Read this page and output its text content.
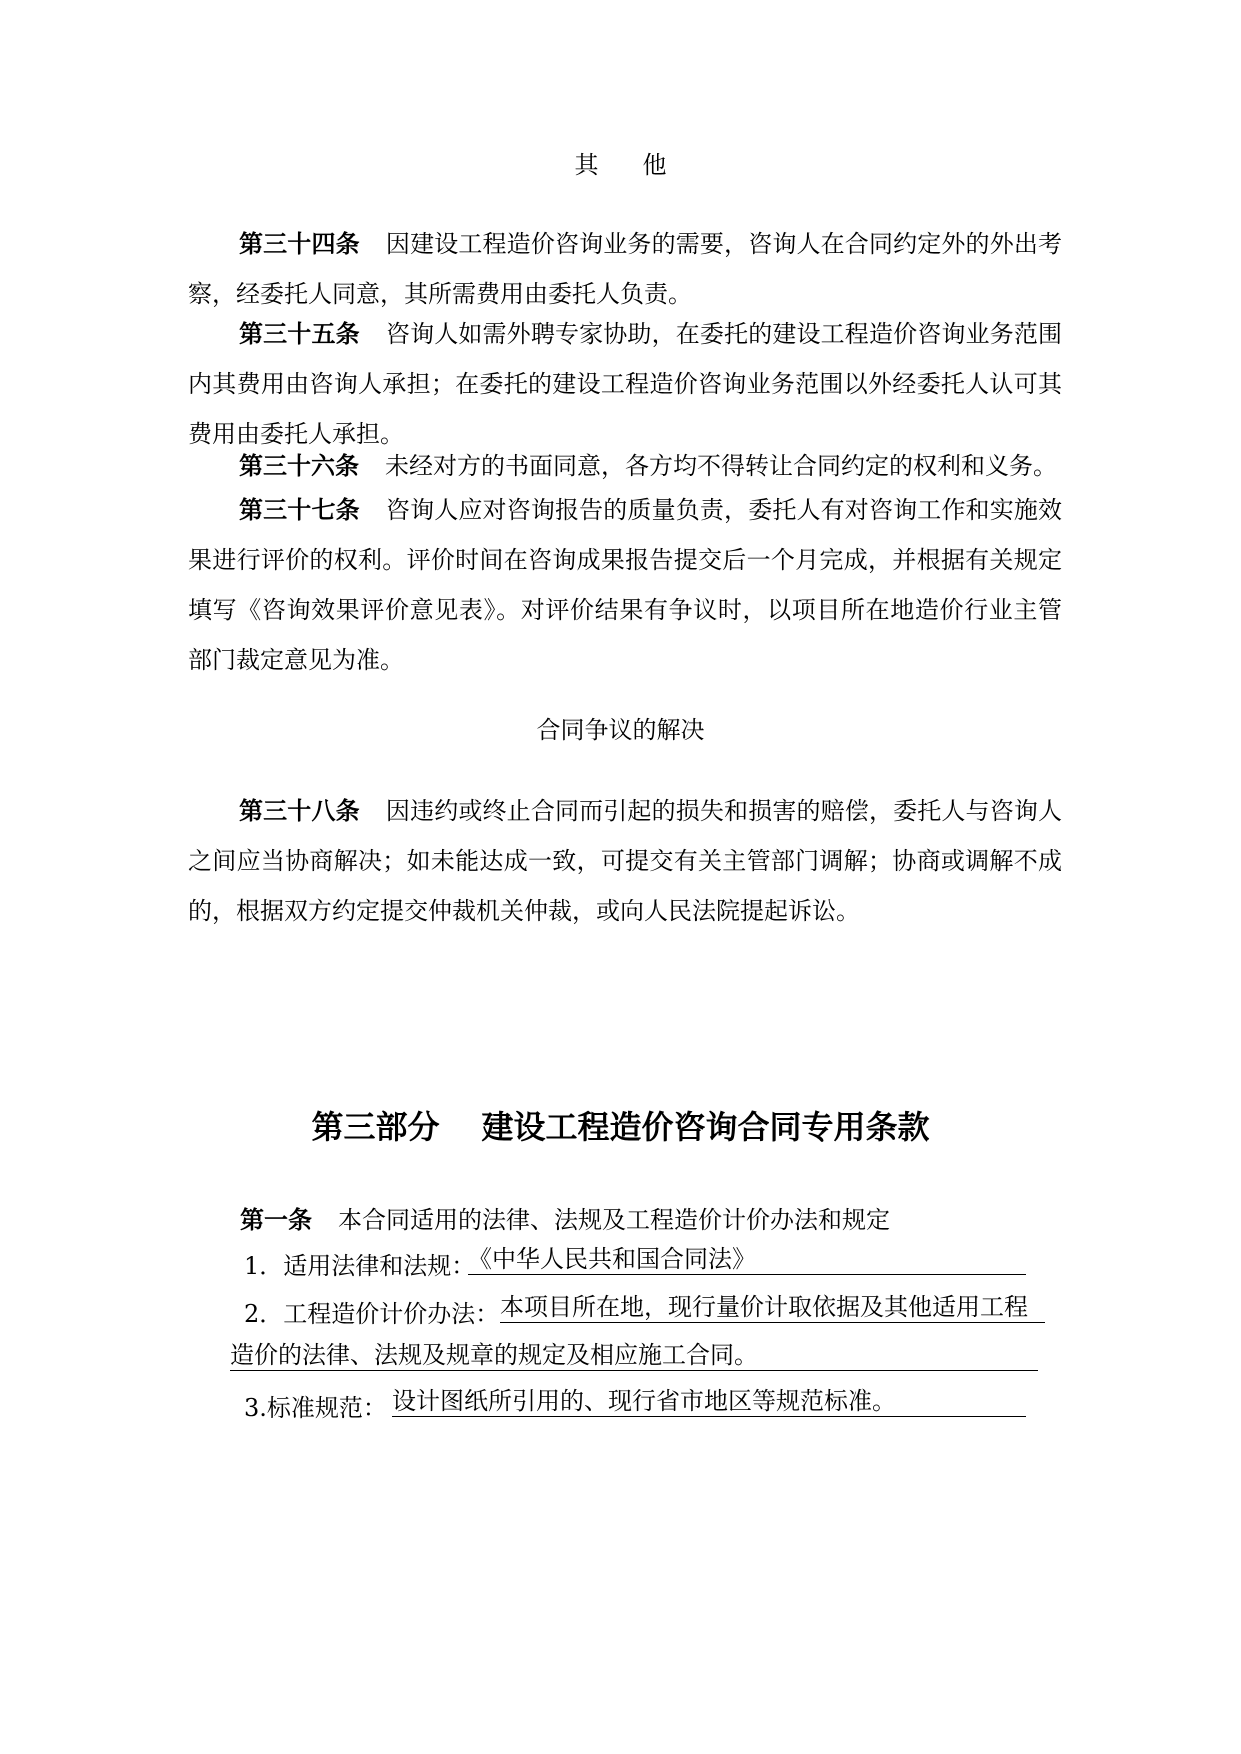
其他
第三十四条 因建设工程造价咨询业务的需要，咨询人在合同约定外的外出考察，经委托人同意，其所需费用由委托人负责。
第三十五条 咨询人如需外聘专家协助，在委托的建设工程造价咨询业务范围内其费用由咨询人承担；在委托的建设工程造价咨询业务范围以外经委托人认可其费用由委托人承担。
第三十六条 未经对方的书面同意，各方均不得转让合同约定的权利和义务。
第三十七条 咨询人应对咨询报告的质量负责，委托人有对咨询工作和实施效果进行评价的权利。评价时间在咨询成果报告提交后一个月完成，并根据有关规定填写《咨询效果评价意见表》。对评价结果有争议时，以项目所在地造价行业主管部门裁定意见为准。
合同争议的解决
第三十八条 因违约或终止合同而引起的损失和损害的赔偿，委托人与咨询人之间应当协商解决；如未能达成一致，可提交有关主管部门调解；协商或调解不成的，根据双方约定提交仲裁机关仲裁，或向人民法院提起诉讼。
第三部分 建设工程造价咨询合同专用条款
第一条 本合同适用的法律、法规及工程造价计价办法和规定
1．适用法律和法规：
《中华人民共和国合同法》
2．工程造价计价办法： 本项目所在地，现行量价计取依据及其他适用工程
造价的法律、法规及规章的规定及相应施工合同。
3.标准规范： 设计图纸所引用的、现行省市地区等规范标准。
